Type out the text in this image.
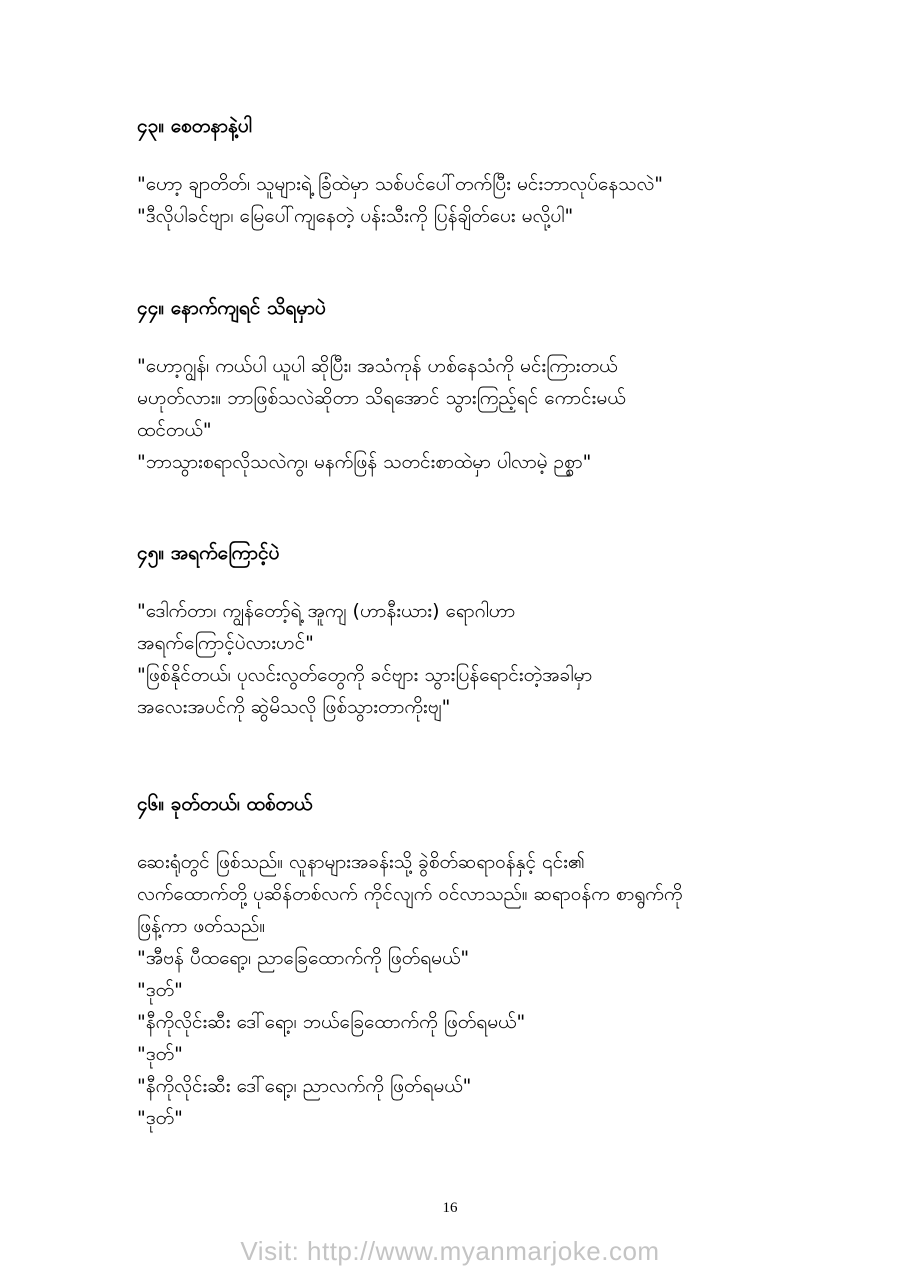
၄၃။ စေတနာနဲ့ပါ
"ဟော့ ချာတိတ်၊ သူများရဲ့ ခြံထဲမှာ သစ်ပင်ပေါ်တက်ပြီး မင်းဘာလုပ်နေသလဲ"
"ဒီလိုပါခင်ဗျာ၊ မြေပေါ်ကျနေတဲ့ ပန်းသီးကို ပြန်ချိတ်ပေး မလို့ပါ"
၄၄။ နောက်ကျရင် သိရမှာပဲ
"ဟော့ဂျွန်၊ ကယ်ပါ ယူပါ ဆိုပြီး၊ အသံကုန် ဟစ်နေသံကို မင်းကြားတယ်
မဟုတ်လား။ ဘာဖြစ်သလဲဆိုတာ သိရအောင် သွားကြည့်ရင် ကောင်းမယ်
ထင်တယ်"
"ဘာသွားစရာလိုသလဲကွ၊ မနက်ဖြန် သတင်းစာထဲမှာ ပါလာမဲ့ ဉစ္စာ"
၄၅။ အရက်ကြောင့်ပဲ
"ဒေါက်တာ၊ ကျွန်တော့်ရဲ့ အူကျ (ဟာနီးယား) ရောဂါဟာ
အရက်ကြောင့်ပဲလားဟင်"
"ဖြစ်နိုင်တယ်၊ ပုလင်းလွတ်တွေကို ခင်ဗျား သွားပြန်ရောင်းတဲ့အခါမှာ
အလေးအပင်ကို ဆွဲမိသလို ဖြစ်သွားတာကိုးဗျ"
၄၆။ ခုတ်တယ်၊ ထစ်တယ်
ဆေးရုံတွင် ဖြစ်သည်။ လူနာများအခန်းသို့ ခွဲစိတ်ဆရာဝန်နှင့် ၎င်း၏
လက်ထောက်တို့ ပုဆိန်တစ်လက် ကိုင်လျက် ဝင်လာသည်။ ဆရာဝန်က စာရွက်ကို
ဖြန့်ကာ ဖတ်သည်။
"အီဗန် ပီထရော့၊ ညာခြေထောက်ကို ဖြတ်ရမယ်"
"ဒုတ်"
"နီကိုလိုင်းဆီး ဒေါ်ရော့၊ ဘယ်ခြေထောက်ကို ဖြတ်ရမယ်"
"ဒုတ်"
"နီကိုလိုင်းဆီး ဒေါ်ရော့၊ ညာလက်ကို ဖြတ်ရမယ်"
"ဒုတ်"
16
Visit: http://www.myanmarjoke.com
